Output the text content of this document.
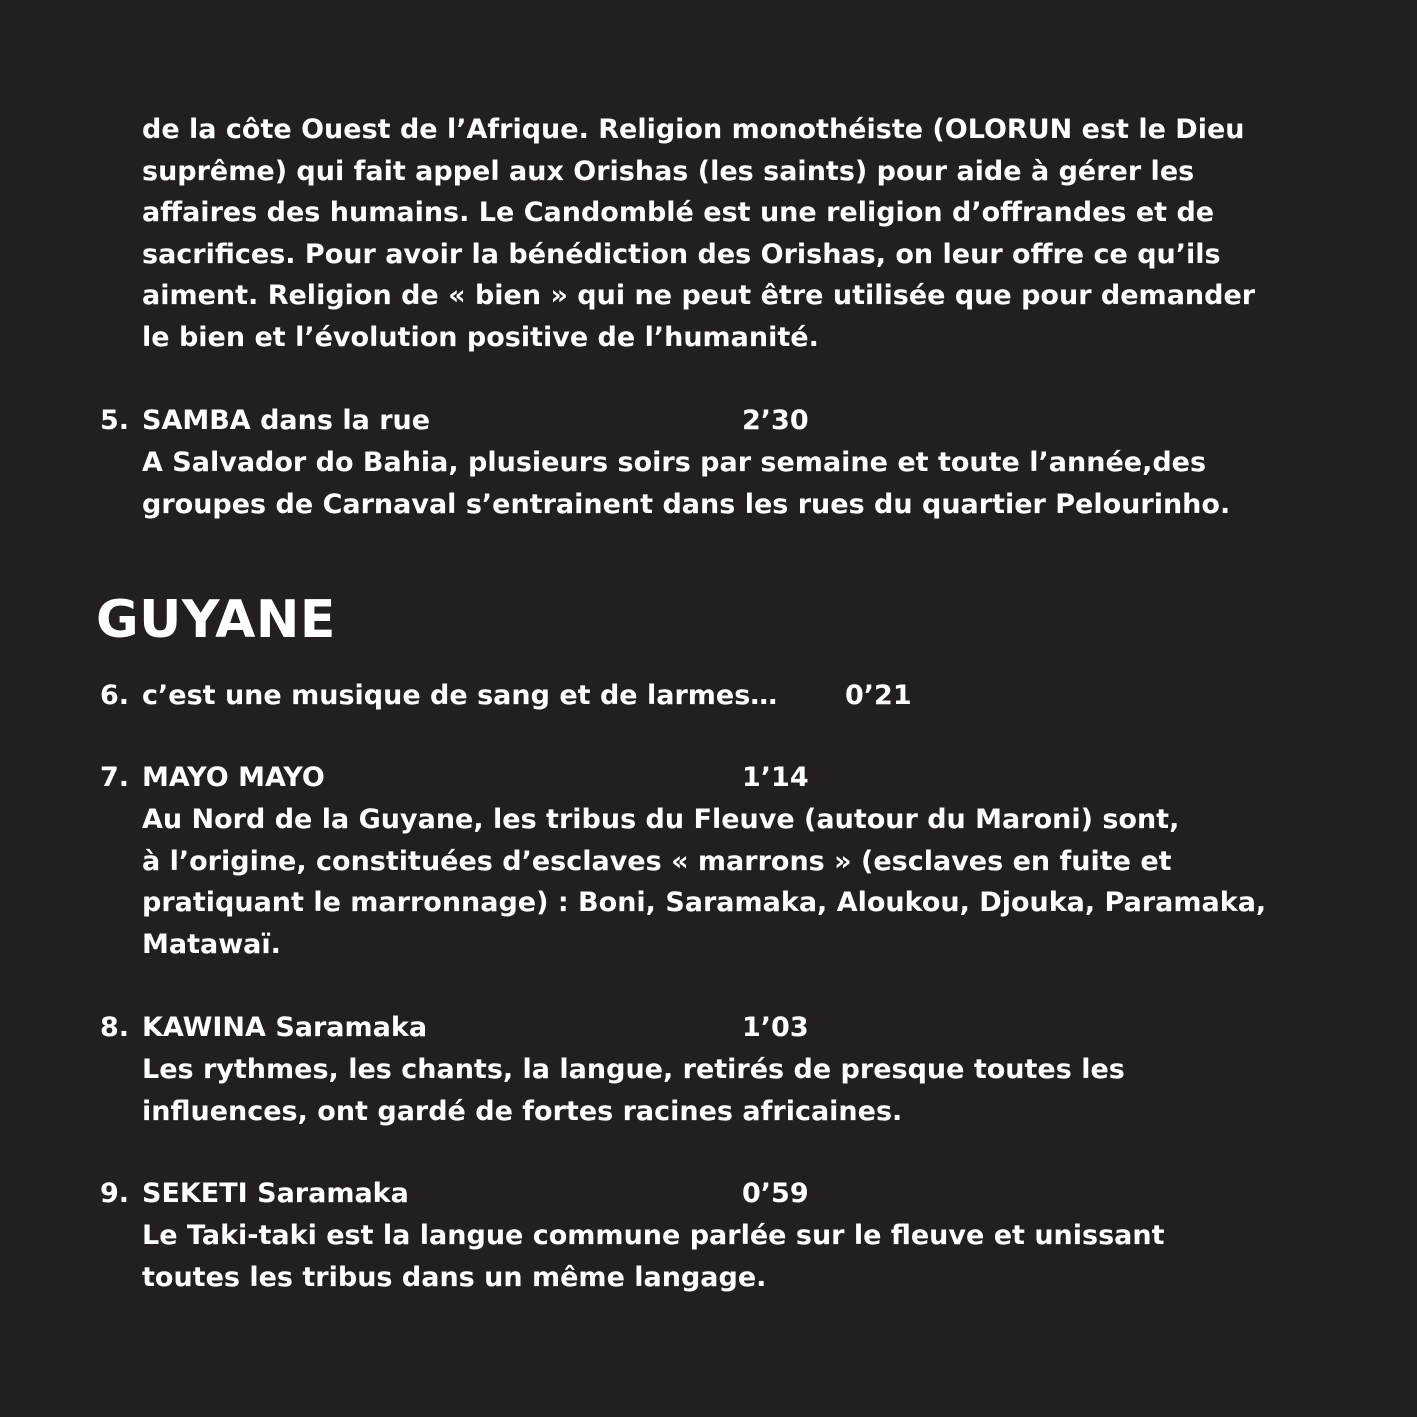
de la côte Ouest de l’Afrique. Religion monothéiste (OLORUN est le Dieu
suprême) qui fait appel aux Orishas (les saints) pour aide à gérer les
affaires des humains. Le Candomblé est une religion d’offrandes et de
sacrifices. Pour avoir la bénédiction des Orishas, on leur offre ce qu’ils
aiment. Religion de « bien » qui ne peut être utilisée que pour demander
le bien et l’évolution positive de l’humanité.
5. SAMBA dans la rue	2’30
A Salvador do Bahia, plusieurs soirs par semaine et toute l’année,des
groupes de Carnaval s’entrainent dans les rues du quartier Pelourinho.
GUYANE
6. c’est une musique de sang et de larmes…	0’21
7. MAYO MAYO	1’14
Au Nord de la Guyane, les tribus du Fleuve (autour du Maroni) sont,
à l’origine, constituées d’esclaves « marrons » (esclaves en fuite et
pratiquant le marronnage) : Boni, Saramaka, Aloukou, Djouka, Paramaka,
Matawaï.
8. KAWINA Saramaka	1’03
Les rythmes, les chants, la langue, retirés de presque toutes les
influences, ont gardé de fortes racines africaines.
9. SEKETI Saramaka	0’59
Le Taki-taki est la langue commune parlée sur le fleuve et unissant
toutes les tribus dans un même langage.
